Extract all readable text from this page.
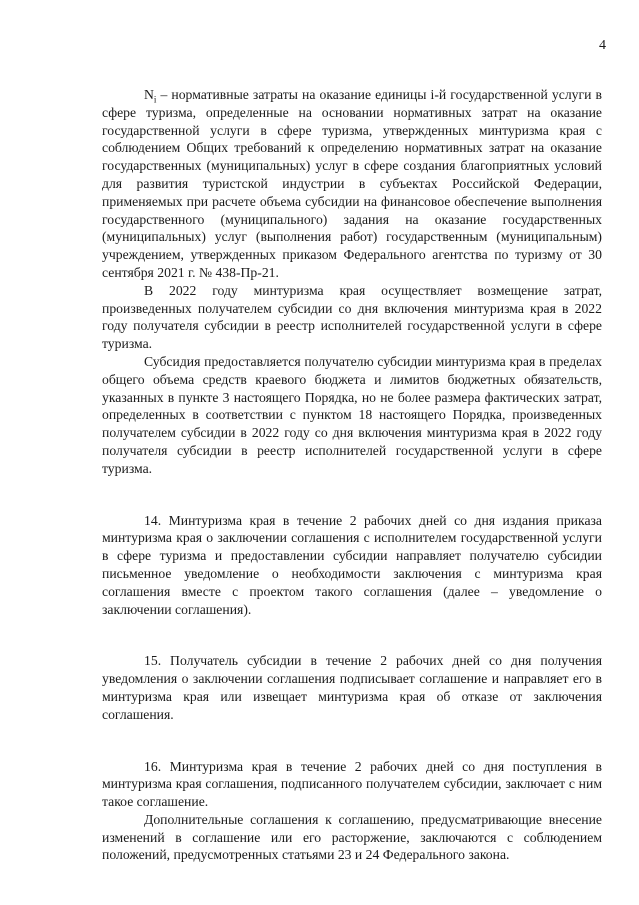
4

$N_i$ – нормативные затраты на оказание единицы i-й государственной услуги в сфере туризма, определенные на основании нормативных затрат на оказание государственной услуги в сфере туризма, утвержденных минтуризма края с соблюдением Общих требований к определению нормативных затрат на оказание государственных (муниципальных) услуг в сфере создания благоприятных условий для развития туристской индустрии в субъектах Российской Федерации, применяемых при расчете объема субсидии на финансовое обеспечение выполнения государственного (муниципального) задания на оказание государственных (муниципальных) услуг (выполнения работ) государственным (муниципальным) учреждением, утвержденных приказом Федерального агентства по туризму от 30 сентября 2021 г. № 438-Пр-21.

В 2022 году минтуризма края осуществляет возмещение затрат, произведенных получателем субсидии со дня включения минтуризма края в 2022 году получателя субсидии в реестр исполнителей государственной услуги в сфере туризма.

Субсидия предоставляется получателю субсидии минтуризма края в пределах общего объема средств краевого бюджета и лимитов бюджетных обязательств, указанных в пункте 3 настоящего Порядка, но не более размера фактических затрат, определенных в соответствии с пунктом 18 настоящего Порядка, произведенных получателем субсидии в 2022 году со дня включения минтуризма края в 2022 году получателя субсидии в реестр исполнителей государственной услуги в сфере туризма.

14. Минтуризма края в течение 2 рабочих дней со дня издания приказа минтуризма края о заключении соглашения с исполнителем государственной услуги в сфере туризма и предоставлении субсидии направляет получателю субсидии письменное уведомление о необходимости заключения с минтуризма края соглашения вместе с проектом такого соглашения (далее – уведомление о заключении соглашения).

15. Получатель субсидии в течение 2 рабочих дней со дня получения уведомления о заключении соглашения подписывает соглашение и направляет его в минтуризма края или извещает минтуризма края об отказе от заключения соглашения.

16. Минтуризма края в течение 2 рабочих дней со дня поступления в минтуризма края соглашения, подписанного получателем субсидии, заключает с ним такое соглашение.

Дополнительные соглашения к соглашению, предусматривающие внесение изменений в соглашение или его расторжение, заключаются с соблюдением положений, предусмотренных статьями 23 и 24 Федерального закона.
